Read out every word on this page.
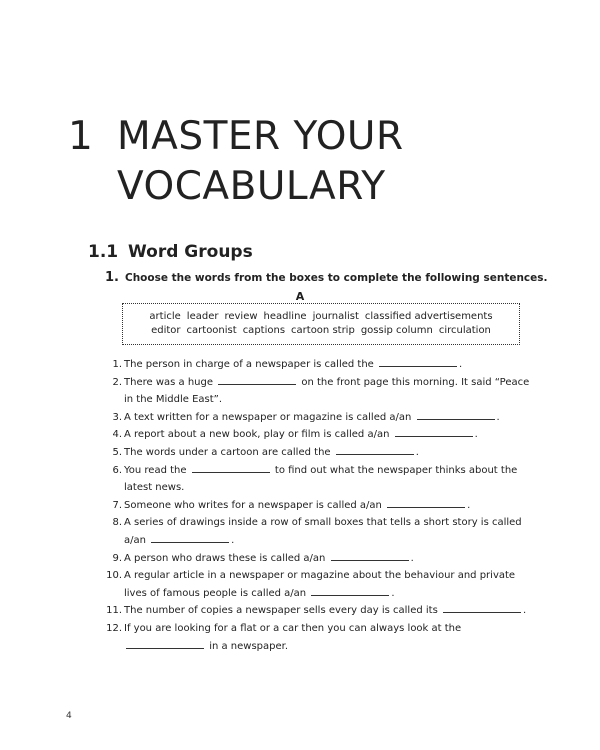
1 MASTER YOUR
VOCABULARY
1.1 Word Groups
1. Choose the words from the boxes to complete the following sentences.
A
article leader review headline journalist classified advertisements
editor cartoonist captions cartoon strip gossip column circulation
1. The person in charge of a newspaper is called the	.
2. There was a huge	on the front page this morning. It said “Peace in the Middle East”.
3. A text written for a newspaper or magazine is called a/an	.
4. A report about a new book, play or film is called a/an	.
5. The words under a cartoon are called the	.
6. You read the	to find out what the newspaper thinks about the latest news.
7. Someone who writes for a newspaper is called a/an	.
8. A series of drawings inside a row of small boxes that tells a short story is called a/an	.
9. A person who draws these is called a/an	.
10. A regular article in a newspaper or magazine about the behaviour and private lives of famous people is called a/an	.
11. The number of copies a newspaper sells every day is called its	.
12. If you are looking for a flat or a car then you can always look at the  in a newspaper.
4
